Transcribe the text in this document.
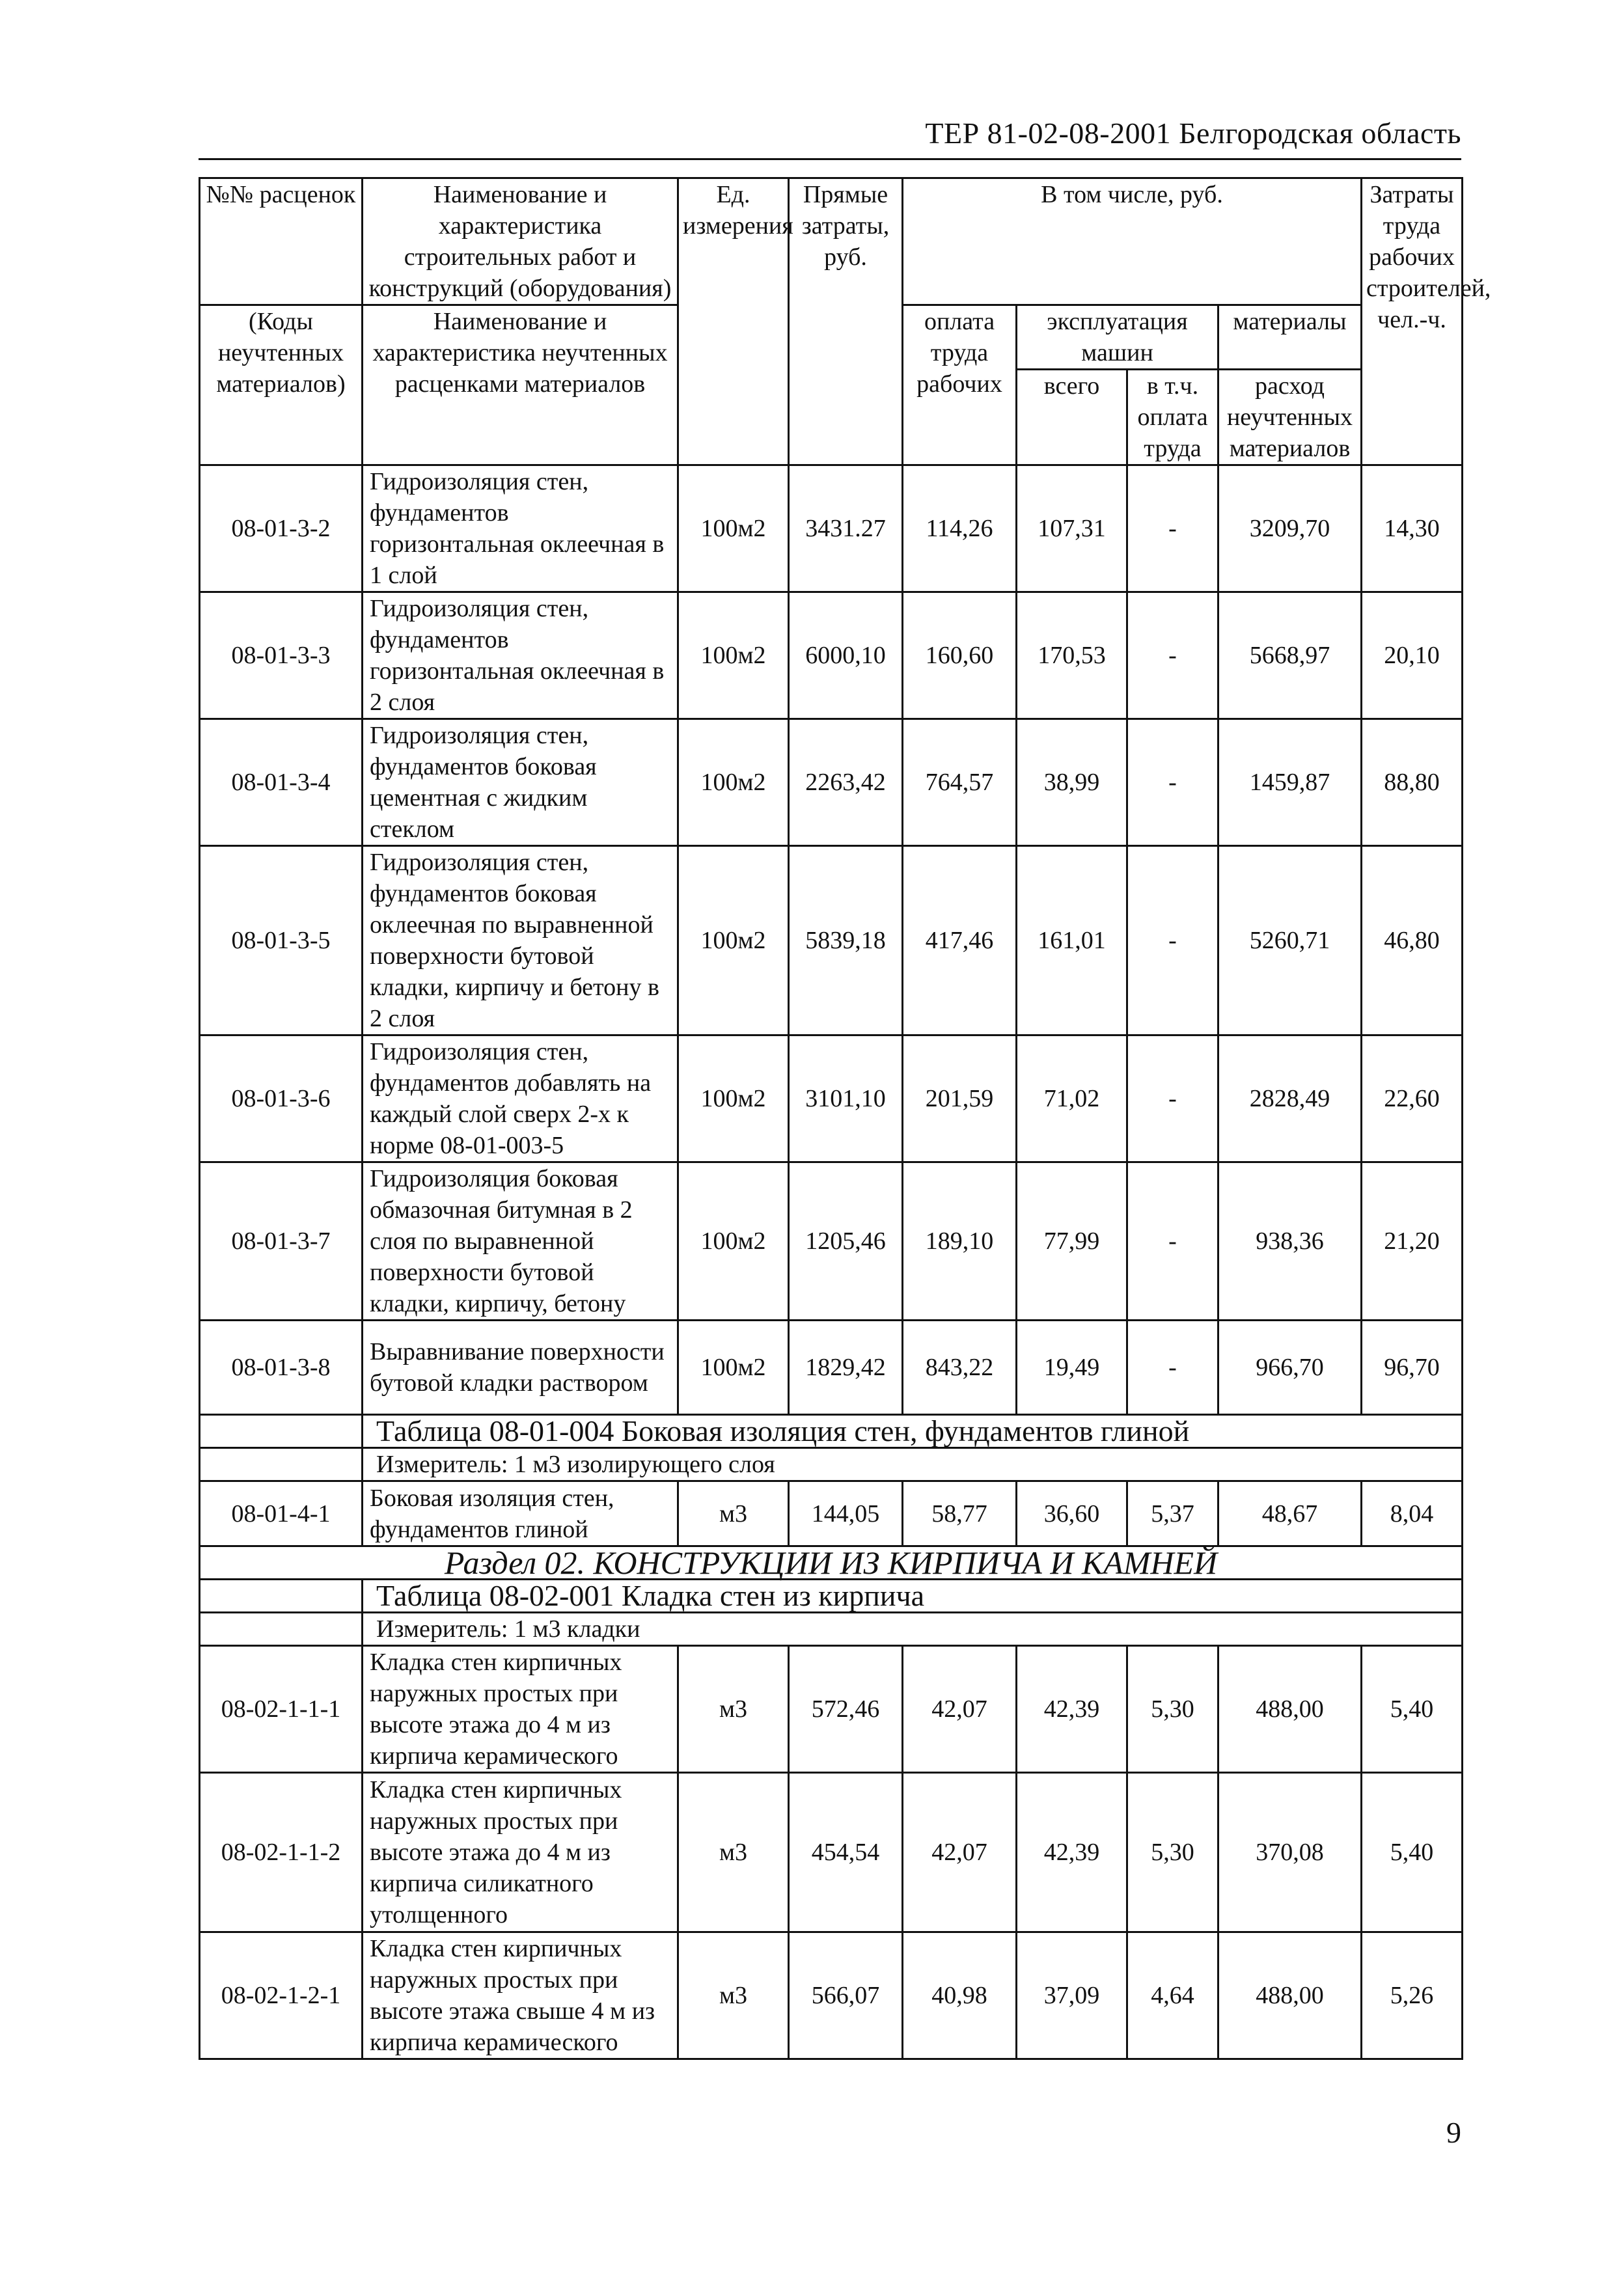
ТЕР 81-02-08-2001 Белгородская область
№№ расценок	Наименование и характеристика строительных работ и конструкций (оборудования)	Ед. измерения	Прямые затраты, руб.	В том числе, руб.				Затраты труда рабочих строителей, чел.-ч.
(Коды неучтенных материалов)	Наименование и характеристика неучтенных расценками материалов			оплата труда рабочих	эксплуатация машин		материалы	
					всего	в т.ч. оплата труда	расход неучтенных материалов	
08-01-3-2	Гидроизоляция стен, фундаментов горизонтальная оклеечная в 1 слой	100м2	3431.27	114,26	107,31	-	3209,70	14,30
08-01-3-3	Гидроизоляция стен, фундаментов горизонтальная оклеечная в 2 слоя	100м2	6000,10	160,60	170,53	-	5668,97	20,10
08-01-3-4	Гидроизоляция стен, фундаментов боковая цементная с жидким стеклом	100м2	2263,42	764,57	38,99	-	1459,87	88,80
08-01-3-5	Гидроизоляция стен, фундаментов боковая оклеечная по выравненной поверхности бутовой кладки, кирпичу и бетону в 2 слоя	100м2	5839,18	417,46	161,01	-	5260,71	46,80
08-01-3-6	Гидроизоляция стен, фундаментов добавлять на каждый слой сверх 2-х к норме 08-01-003-5	100м2	3101,10	201,59	71,02	-	2828,49	22,60
08-01-3-7	Гидроизоляция боковая обмазочная битумная в 2 слоя по выравненной поверхности бутовой кладки, кирпичу, бетону	100м2	1205,46	189,10	77,99	-	938,36	21,20
08-01-3-8	Выравнивание поверхности бутовой кладки раствором	100м2	1829,42	843,22	19,49	-	966,70	96,70
	Таблица 08-01-004 Боковая изоляция стен, фундаментов глиной							
	Измеритель: 1 м3 изолирующего слоя							
08-01-4-1	Боковая изоляция стен, фундаментов глиной	м3	144,05	58,77	36,60	5,37	48,67	8,04
Раздел 02. КОНСТРУКЦИИ ИЗ КИРПИЧА И КАМНЕЙ								
	Таблица 08-02-001 Кладка стен из кирпича							
	Измеритель: 1 м3 кладки							
08-02-1-1-1	Кладка стен кирпичных наружных простых при высоте этажа до 4 м из кирпича керамического	м3	572,46	42,07	42,39	5,30	488,00	5,40
08-02-1-1-2	Кладка стен кирпичных наружных простых при высоте этажа до 4 м из кирпича силикатного утолщенного	м3	454,54	42,07	42,39	5,30	370,08	5,40
08-02-1-2-1	Кладка стен кирпичных наружных простых при высоте этажа свыше 4 м из кирпича керамического	м3	566,07	40,98	37,09	4,64	488,00	5,26
9
